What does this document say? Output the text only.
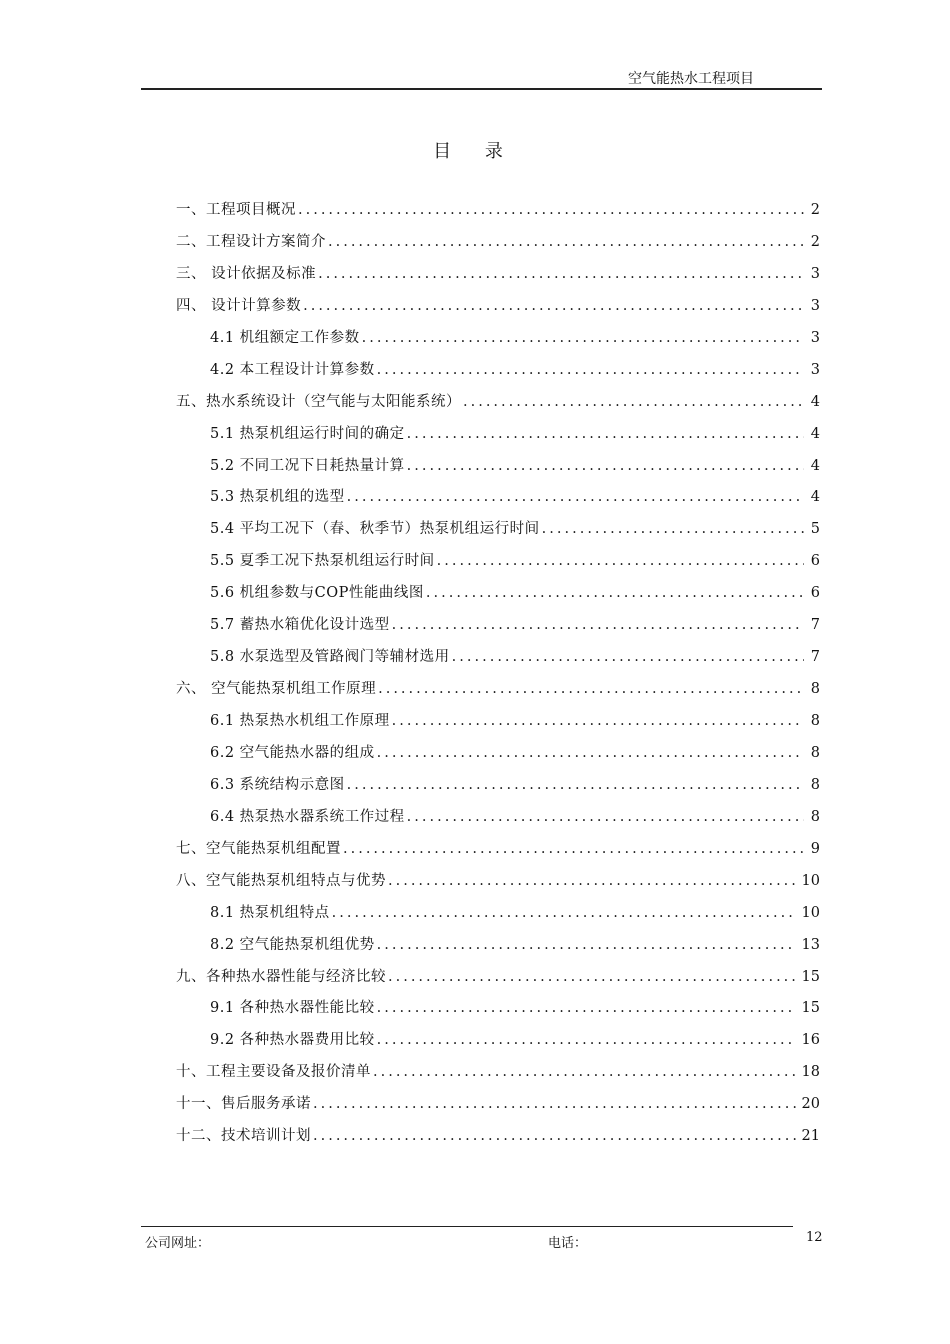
空气能热水工程项目
目 录
一、工程项目概况 .....	2
二、工程设计方案简介 .....	2
三、 设计依据及标准 .....	3
四、 设计计算参数 .....	3
4.1 机组额定工作参数 .....	3
4.2 本工程设计计算参数 .....	3
五、热水系统设计（空气能与太阳能系统） .....	4
5.1 热泵机组运行时间的确定 .....	4
5.2 不同工况下日耗热量计算 .....	4
5.3 热泵机组的选型 .....	4
5.4 平均工况下（春、秋季节）热泵机组运行时间 .....	5
5.5 夏季工况下热泵机组运行时间 .....	6
5.6 机组参数与COP性能曲线图 .....	6
5.7 蓄热水箱优化设计选型 .....	7
5.8 水泵选型及管路阀门等辅材选用 .....	7
六、 空气能热泵机组工作原理 .....	8
6.1 热泵热水机组工作原理 .....	8
6.2 空气能热水器的组成 .....	8
6.3 系统结构示意图 .....	8
6.4 热泵热水器系统工作过程 .....	8
七、空气能热泵机组配置 .....	9
八、空气能热泵机组特点与优势 .....	10
8.1 热泵机组特点 .....	10
8.2 空气能热泵机组优势 .....	13
九、各种热水器性能与经济比较 .....	15
9.1 各种热水器性能比较 .....	15
9.2 各种热水器费用比较 .....	16
十、工程主要设备及报价清单 .....	18
十一、售后服务承诺 .....	20
十二、技术培训计划 .....	21
公司网址：	电话：	12
